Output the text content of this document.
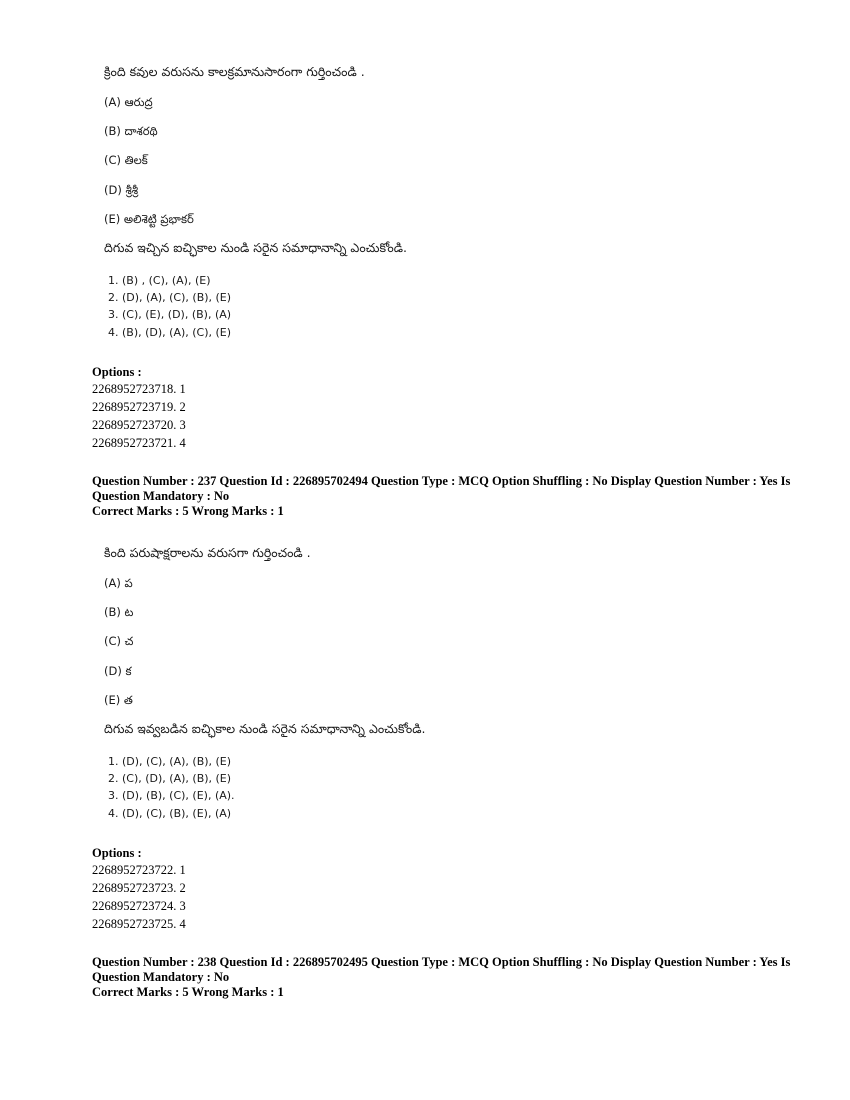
క్రింది కవుల వరుసను కాలక్రమానుసారంగా గుర్తించండి .
(A) ఆరుద్ర
(B) దాశరథి
(C) తిలక్
(D) శ్రీశ్రీ
(E) అలిశెట్టి ప్రభాకర్
దిగువ ఇచ్చిన ఐచ్ఛికాల నుండి సరైన సమాధానాన్ని ఎంచుకోండి.
1. (B) , (C), (A), (E)
2. (D), (A), (C), (B), (E)
3. (C), (E), (D), (B), (A)
4. (B), (D), (A), (C), (E)
Options :
2268952723718. 1
2268952723719. 2
2268952723720. 3
2268952723721. 4
Question Number : 237 Question Id : 226895702494 Question Type : MCQ Option Shuffling : No Display Question Number : Yes Is
Question Mandatory : No
Correct Marks : 5 Wrong Marks : 1
కింది పరుషాక్షరాలను వరుసగా గుర్తించండి .
(A) ప
(B) ట
(C) చ
(D) క
(E) త
దిగువ ఇవ్వబడిన ఐచ్ఛికాల నుండి సరైన సమాధానాన్ని ఎంచుకోండి.
1. (D), (C), (A), (B), (E)
2. (C), (D), (A), (B), (E)
3. (D), (B), (C), (E), (A).
4. (D), (C), (B), (E), (A)
Options :
2268952723722. 1
2268952723723. 2
2268952723724. 3
2268952723725. 4
Question Number : 238 Question Id : 226895702495 Question Type : MCQ Option Shuffling : No Display Question Number : Yes Is
Question Mandatory : No
Correct Marks : 5 Wrong Marks : 1
